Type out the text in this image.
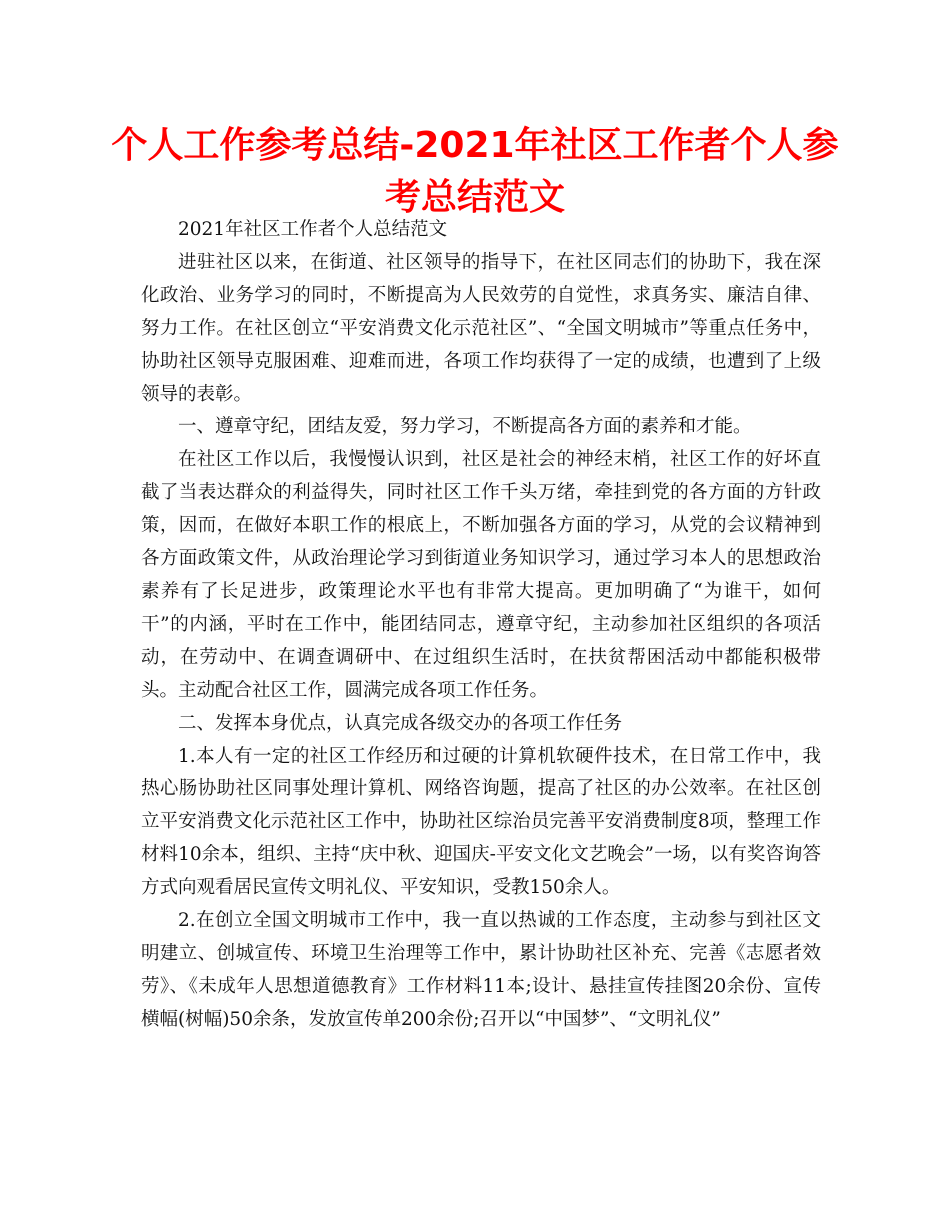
个人工作参考总结-2021年社区工作者个人参考总结范文

2021年社区工作者个人总结范文

进驻社区以来，在街道、社区领导的指导下，在社区同志们的协助下，我在深化政治、业务学习的同时，不断提高为人民效劳的自觉性，求真务实、廉洁自律、努力工作。在社区创立“平安消费文化示范社区”、“全国文明城市”等重点任务中，协助社区领导克服困难、迎难而进，各项工作均获得了一定的成绩，也遭到了上级领导的表彰。

一、遵章守纪，团结友爱，努力学习，不断提高各方面的素养和才能。

在社区工作以后，我慢慢认识到，社区是社会的神经末梢，社区工作的好坏直截了当表达群众的利益得失，同时社区工作千头万绪，牵挂到党的各方面的方针政策，因而，在做好本职工作的根底上，不断加强各方面的学习，从党的会议精神到各方面政策文件，从政治理论学习到街道业务知识学习，通过学习本人的思想政治素养有了长足进步，政策理论水平也有非常大提高。更加明确了“为谁干，如何干”的内涵，平时在工作中，能团结同志，遵章守纪，主动参加社区组织的各项活动，在劳动中、在调查调研中、在过组织生活时，在扶贫帮困活动中都能积极带头。主动配合社区工作，圆满完成各项工作任务。

二、发挥本身优点，认真完成各级交办的各项工作任务

1.本人有一定的社区工作经历和过硬的计算机软硬件技术，在日常工作中，我热心肠协助社区同事处理计算机、网络咨询题，提高了社区的办公效率。在社区创立平安消费文化示范社区工作中，协助社区综治员完善平安消费制度8项，整理工作材料10余本，组织、主持“庆中秋、迎国庆-平安文化文艺晚会”一场，以有奖咨询答方式向观看居民宣传文明礼仪、平安知识，受教150余人。

2.在创立全国文明城市工作中，我一直以热诚的工作态度，主动参与到社区文明建立、创城宣传、环境卫生治理等工作中，累计协助社区补充、完善《志愿者效劳》、《未成年人思想道德教育》工作材料11本;设计、悬挂宣传挂图20余份、宣传横幅(树幅)50余条，发放宣传单200余份;召开以“中国梦”、“文明礼仪”
